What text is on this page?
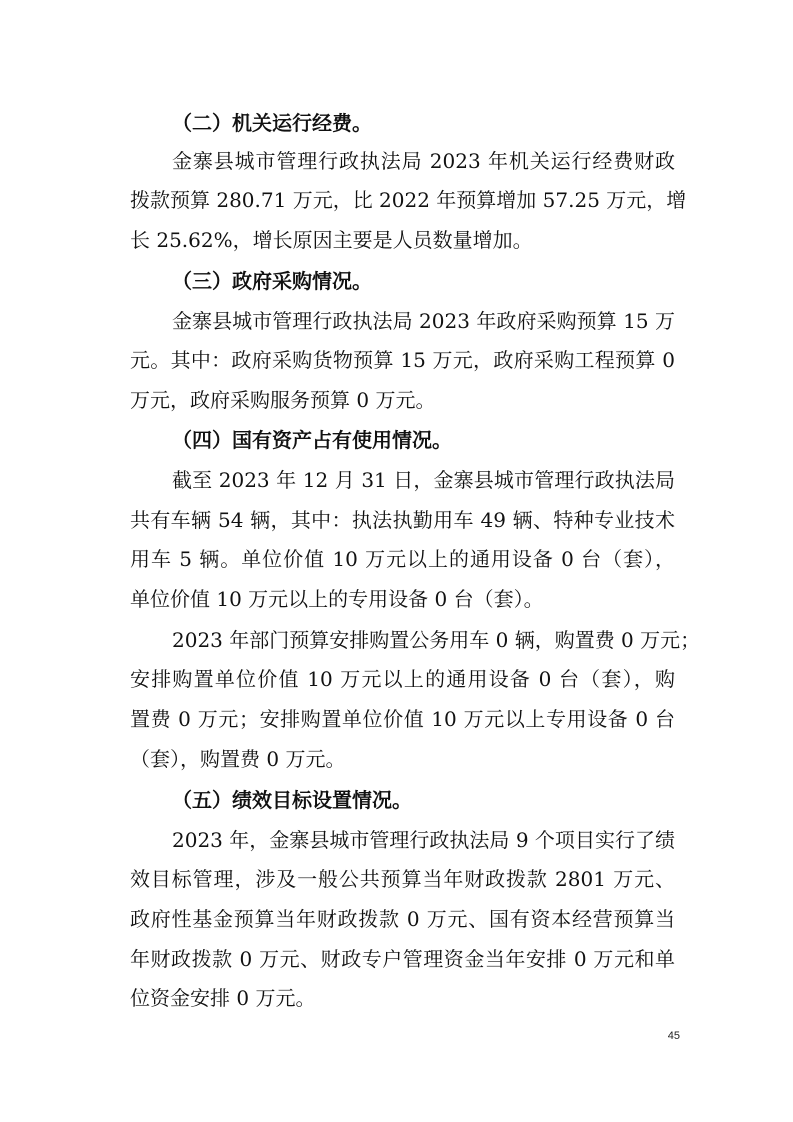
（二）机关运行经费。
金寨县城市管理行政执法局 2023 年机关运行经费财政
拨款预算 280.71 万元，比 2022 年预算增加 57.25 万元，增
长 25.62%，增长原因主要是人员数量增加。
（三）政府采购情况。
金寨县城市管理行政执法局 2023 年政府采购预算 15 万
元。其中：政府采购货物预算 15 万元，政府采购工程预算 0
万元，政府采购服务预算 0 万元。
（四）国有资产占有使用情况。
截至 2023 年 12 月 31 日，金寨县城市管理行政执法局
共有车辆 54 辆，其中：执法执勤用车 49 辆、特种专业技术
用车 5 辆。单位价值 10 万元以上的通用设备 0 台（套），
单位价值 10 万元以上的专用设备 0 台（套）。
2023 年部门预算安排购置公务用车 0 辆，购置费 0 万元；
安排购置单位价值 10 万元以上的通用设备 0 台（套），购
置费 0 万元；安排购置单位价值 10 万元以上专用设备 0 台
（套），购置费 0 万元。
（五）绩效目标设置情况。
2023 年，金寨县城市管理行政执法局 9 个项目实行了绩
效目标管理，涉及一般公共预算当年财政拨款 2801 万元、
政府性基金预算当年财政拨款 0 万元、国有资本经营预算当
年财政拨款 0 万元、财政专户管理资金当年安排 0 万元和单
位资金安排 0 万元。
45
